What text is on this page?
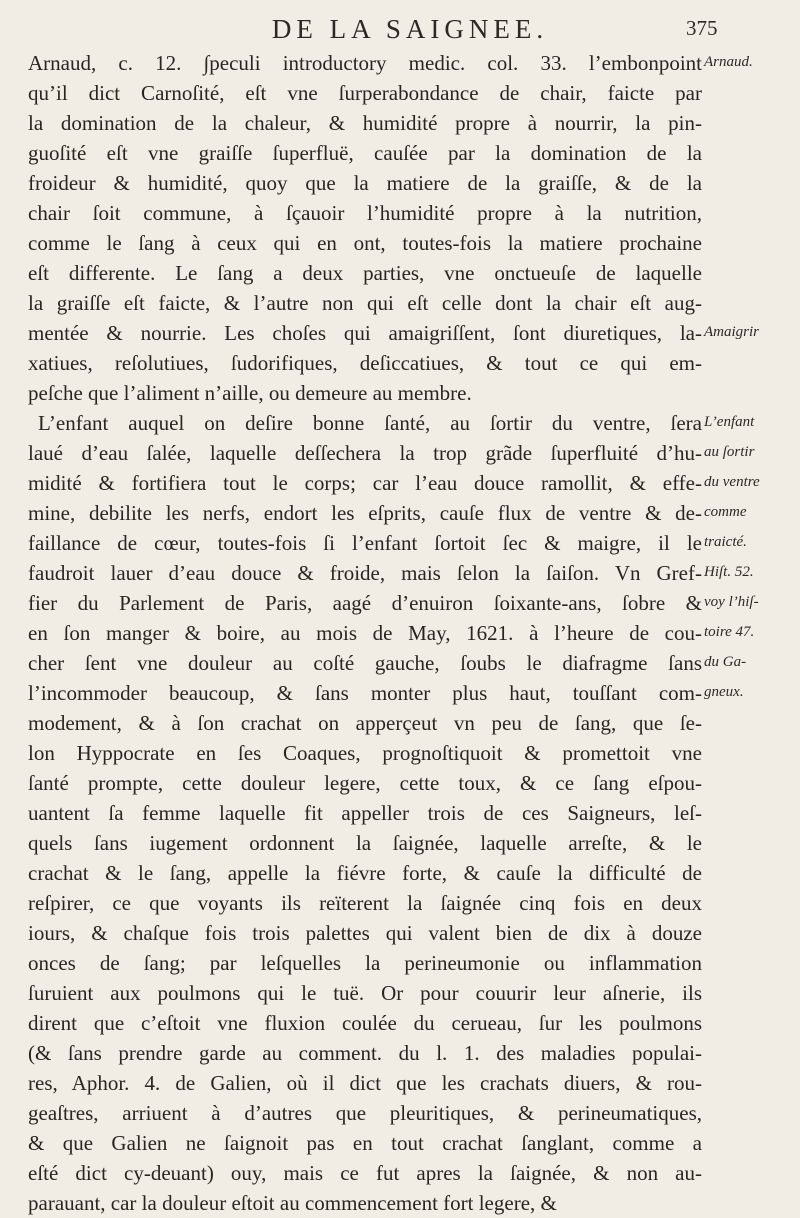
DE LA SAIGNEE.	375
Arnaud, c. 12. ∫peculi introductory medic. col. 33. l’embonpoint
qu’il dict Carnoſité, eſt vne ſurperabondance de chair, faicte par
la domination de la chaleur, & humidité propre à nourrir, la pin-
guoſité eſt vne graiſſe ſuperfluë, cauſée par la domination de la
froideur & humidité, quoy que la matiere de la graiſſe, & de la
chair ſoit commune, à ſçauoir l’humidité propre à la nutrition,
comme le ſang à ceux qui en ont, toutes-fois la matiere prochaine
eſt differente. Le ſang a deux parties, vne onctueuſe de laquelle
la graiſſe eſt faicte, & l’autre non qui eſt celle dont la chair eſt aug-
mentée & nourrie. Les choſes qui amaigriſſent, ſont diuretiques, la-
xatiues, reſolutiues, ſudorifiques, deſiccatiues, & tout ce qui em-
peſche que l’aliment n’aille, ou demeure au membre.
L’enfant auquel on deſire bonne ſanté, au ſortir du ventre, ſera
laué d’eau ſalée, laquelle deſſechera la trop grãde ſuperfluité d’hu-
midité & fortifiera tout le corps; car l’eau douce ramollit, & effe-
mine, debilite les nerfs, endort les eſprits, cauſe flux de ventre & de-
faillance de cœur, toutes-fois ſi l’enfant ſortoit ſec & maigre, il le
faudroit lauer d’eau douce & froide, mais ſelon la ſaiſon. Vn Gref-
fier du Parlement de Paris, aagé d’enuiron ſoixante-ans, ſobre &
en ſon manger & boire, au mois de May, 1621. à l’heure de cou-
cher ſent vne douleur au coſté gauche, ſoubs le diafragme ſans
l’incommoder beaucoup, & ſans monter plus haut, touſſant com-
modement, & à ſon crachat on apperçeut vn peu de ſang, que ſe-
lon Hyppocrate en ſes Coaques, prognoſtiquoit & promettoit vne
ſanté prompte, cette douleur legere, cette toux, & ce ſang eſpou-
uantent ſa femme laquelle fit appeller trois de ces Saigneurs, leſ-
quels ſans iugement ordonnent la ſaignée, laquelle arreſte, & le
crachat & le ſang, appelle la fiévre forte, & cauſe la difficulté de
reſpirer, ce que voyants ils reïterent la ſaignée cinq fois en deux
iours, & chaſque fois trois palettes qui valent bien de dix à douze
onces de ſang; par leſquelles la perineumonie ou inflammation
ſuruient aux poulmons qui le tuë. Or pour couurir leur aſnerie, ils
dirent que c’eſtoit vne fluxion coulée du cerueau, ſur les poulmons
(& ſans prendre garde au comment. du l. 1. des maladies populai-
res, Aphor. 4. de Galien, où il dict que les crachats diuers, & rou-
geaſtres, arriuent à d’autres que pleuritiques, & perineumatiques,
& que Galien ne ſaignoit pas en tout crachat ſanglant, comme a
eſté dict cy-deuant) ouy, mais ce fut apres la ſaignée, & non au-
parauant, car la douleur eſtoit au commencement fort legere, &
Arnaud.
Amaigrir
L’enfant
au ſortir
du ventre
comme
traicté.
Hiſt. 52.
voy l’hiſ-
toire 47.
du Ga-
gneux.
